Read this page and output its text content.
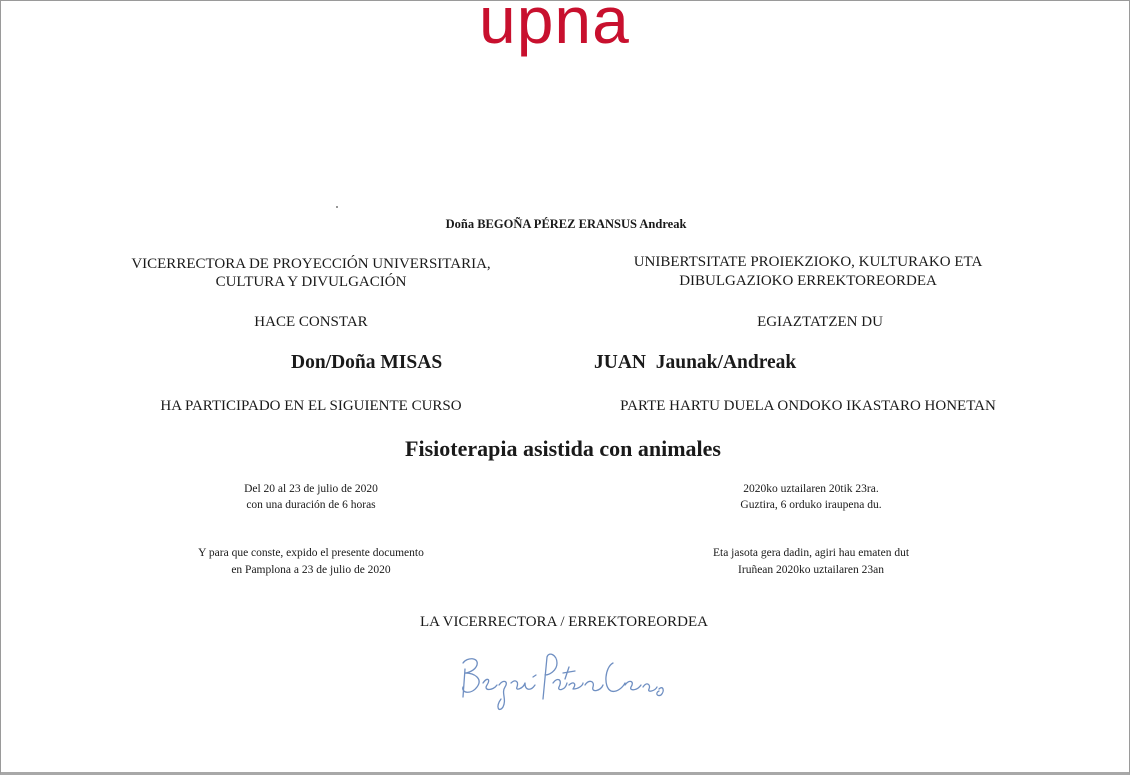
upna
Doña BEGOÑA PÉREZ ERANSUS Andreak
VICERRECTORA DE PROYECCIÓN UNIVERSITARIA,
CULTURA Y DIVULGACIÓN
UNIBERTSITATE PROIEKZIOKO, KULTURAKO ETA
DIBULGAZIOKO ERREKTOREORDEA
HACE CONSTAR	EGIAZTATZEN DU
Don/Doña MISAS	JUAN  Jaunak/Andreak
HA PARTICIPADO EN EL SIGUIENTE CURSO	PARTE HARTU DUELA ONDOKO IKASTARO HONETAN
Fisioterapia asistida con animales
Del 20 al 23 de julio de 2020
con una duración de 6 horas
2020ko uztailaren 20tik 23ra.
Guztira, 6 orduko iraupena du.
Y para que conste, expido el presente documento
en Pamplona a 23 de julio de 2020
Eta jasota gera dadin, agiri hau ematen dut
Iruñean 2020ko uztailaren 23an
LA VICERRECTORA / ERREKTOREORDEA
